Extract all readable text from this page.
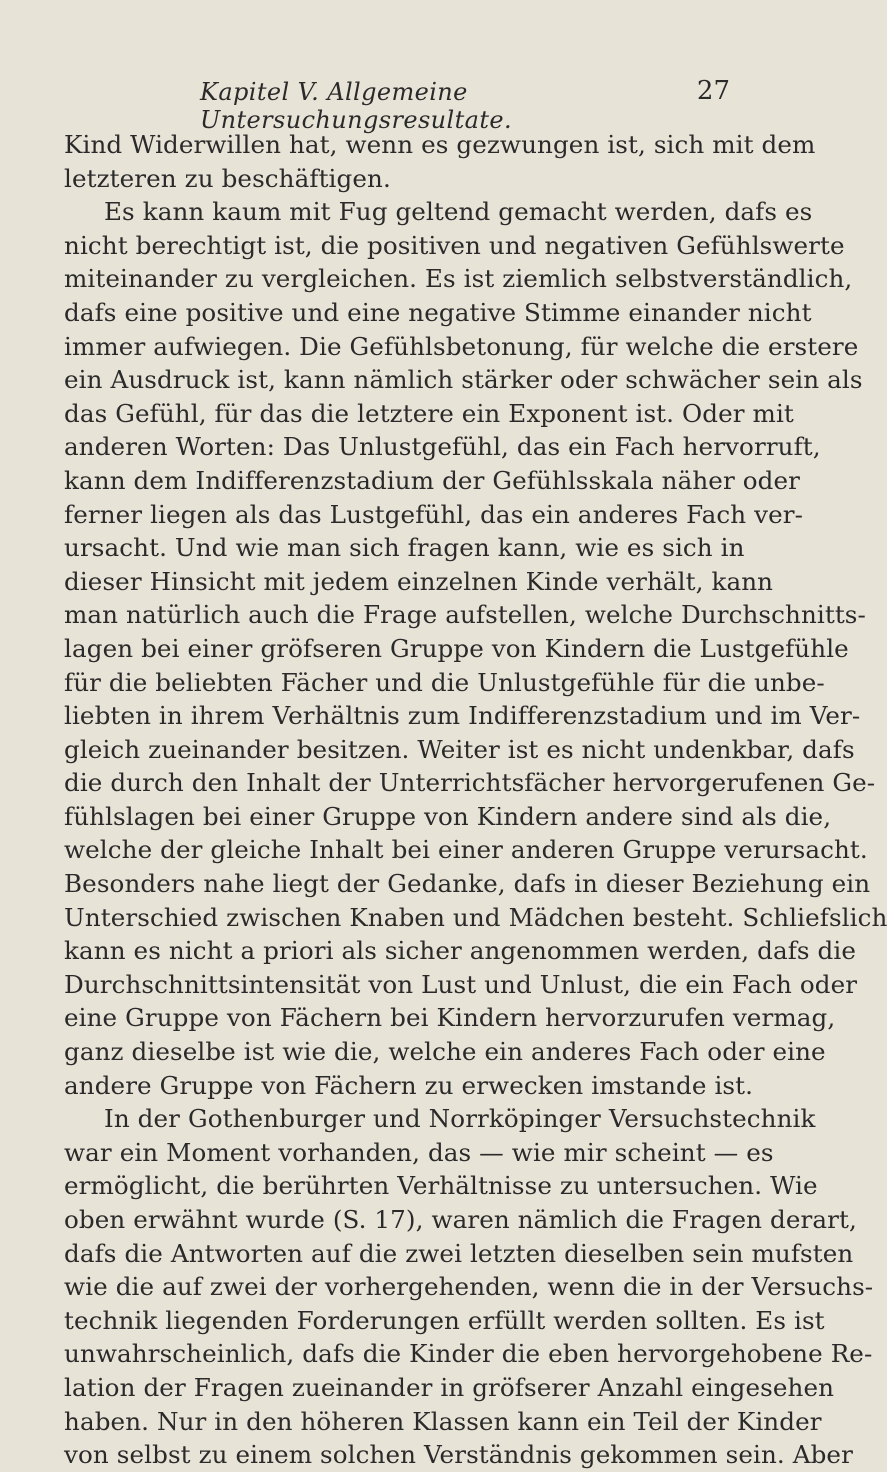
Kapitel V. Allgemeine Untersuchungsresultate.
27
Kind Widerwillen hat, wenn es gezwungen ist, sich mit dem
letzteren zu beschäftigen.
Es kann kaum mit Fug geltend gemacht werden, dafs es
nicht berechtigt ist, die positiven und negativen Gefühlswerte
miteinander zu vergleichen. Es ist ziemlich selbstverständlich,
dafs eine positive und eine negative Stimme einander nicht
immer aufwiegen. Die Gefühlsbetonung, für welche die erstere
ein Ausdruck ist, kann nämlich stärker oder schwächer sein als
das Gefühl, für das die letztere ein Exponent ist. Oder mit
anderen Worten: Das Unlustgefühl, das ein Fach hervorruft,
kann dem Indifferenzstadium der Gefühlsskala näher oder
ferner liegen als das Lustgefühl, das ein anderes Fach ver-
ursacht. Und wie man sich fragen kann, wie es sich in
dieser Hinsicht mit jedem einzelnen Kinde verhält, kann
man natürlich auch die Frage aufstellen, welche Durchschnitts-
lagen bei einer gröfseren Gruppe von Kindern die Lustgefühle
für die beliebten Fächer und die Unlustgefühle für die unbe-
liebten in ihrem Verhältnis zum Indifferenzstadium und im Ver-
gleich zueinander besitzen. Weiter ist es nicht undenkbar, dafs
die durch den Inhalt der Unterrichtsfächer hervorgerufenen Ge-
fühlslagen bei einer Gruppe von Kindern andere sind als die,
welche der gleiche Inhalt bei einer anderen Gruppe verursacht.
Besonders nahe liegt der Gedanke, dafs in dieser Beziehung ein
Unterschied zwischen Knaben und Mädchen besteht. Schliefslich
kann es nicht a priori als sicher angenommen werden, dafs die
Durchschnittsintensität von Lust und Unlust, die ein Fach oder
eine Gruppe von Fächern bei Kindern hervorzurufen vermag,
ganz dieselbe ist wie die, welche ein anderes Fach oder eine
andere Gruppe von Fächern zu erwecken imstande ist.
In der Gothenburger und Norrköpinger Versuchstechnik
war ein Moment vorhanden, das — wie mir scheint — es
ermöglicht, die berührten Verhältnisse zu untersuchen. Wie
oben erwähnt wurde (S. 17), waren nämlich die Fragen derart,
dafs die Antworten auf die zwei letzten dieselben sein mufsten
wie die auf zwei der vorhergehenden, wenn die in der Versuchs-
technik liegenden Forderungen erfüllt werden sollten. Es ist
unwahrscheinlich, dafs die Kinder die eben hervorgehobene Re-
lation der Fragen zueinander in gröfserer Anzahl eingesehen
haben. Nur in den höheren Klassen kann ein Teil der Kinder
von selbst zu einem solchen Verständnis gekommen sein. Aber
